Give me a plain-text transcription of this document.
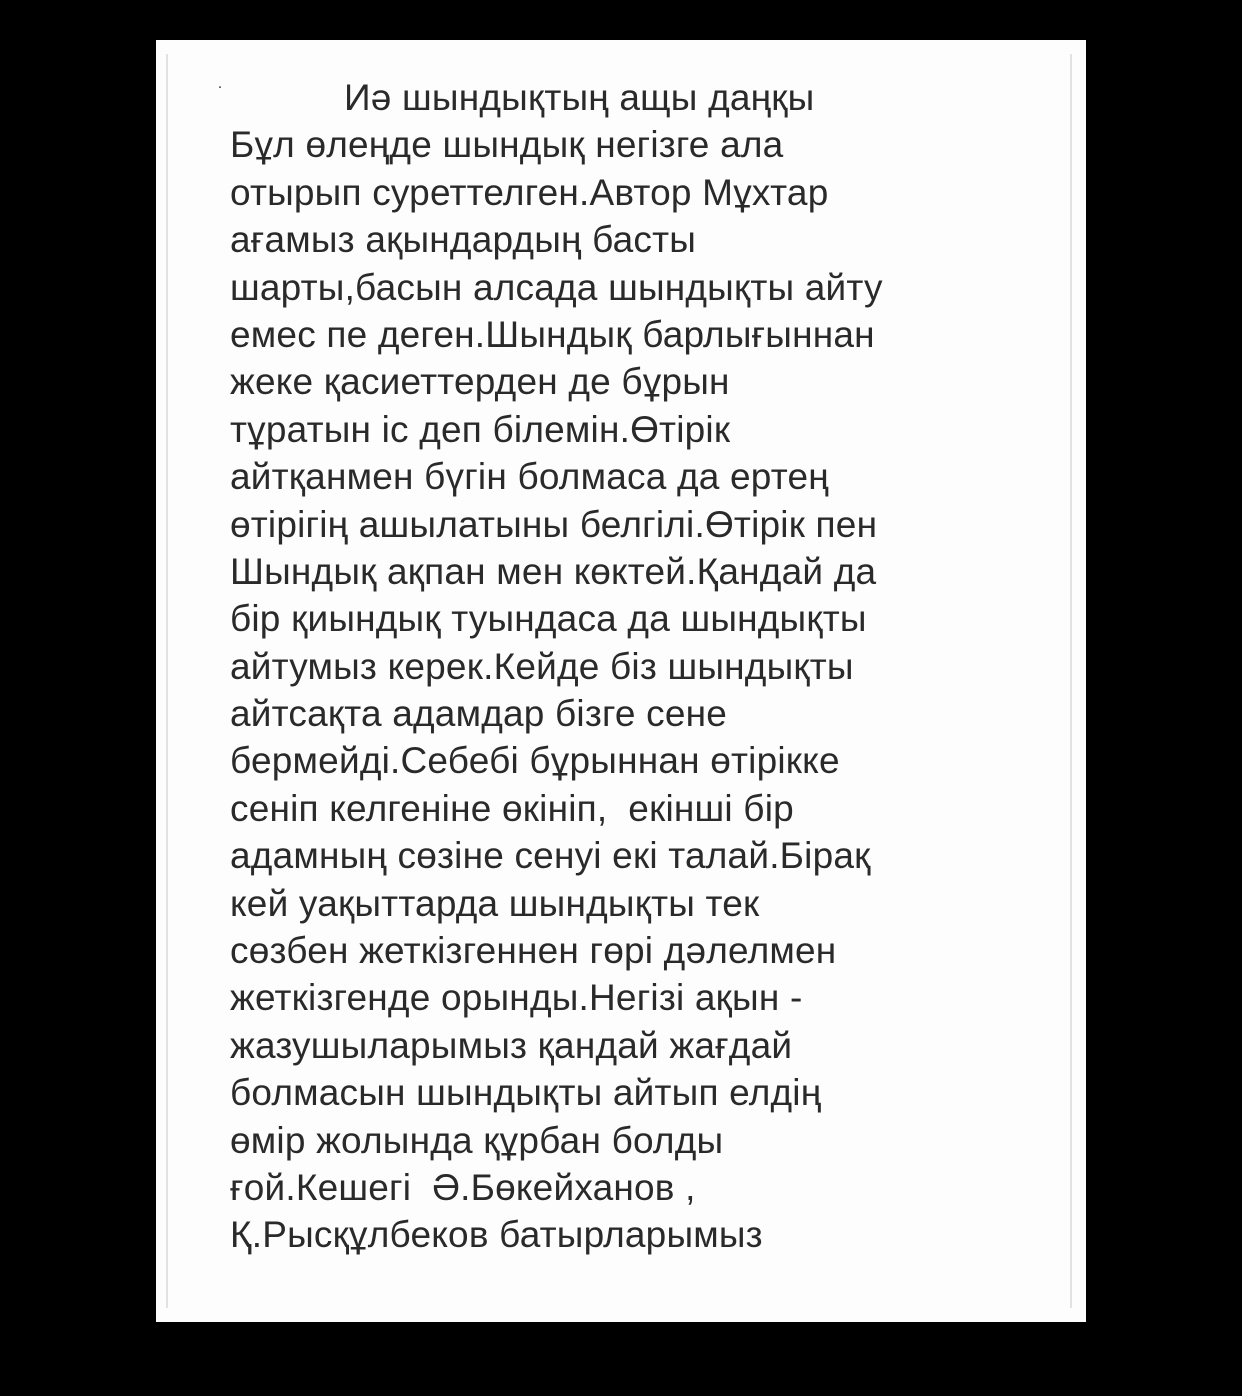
Иә шындықтың ащы даңқы
Бұл өлеңде шындық негізге ала
отырып суреттелген.Автор Мұхтар
ағамыз ақындардың басты
шарты,басын алсада шындықты айту
емес пе деген.Шындық барлығыннан
жеке қасиеттерден де бұрын
тұратын іс деп білемін.Өтірік
айтқанмен бүгін болмаса да ертең
өтірігің ашылатыны белгілі.Өтірік пен
Шындық ақпан мен көктей.Қандай да
бір қиындық туындаса да шындықты
айтумыз керек.Кейде біз шындықты
айтсақта адамдар бізге сене
бермейді.Себебі бұрыннан өтірікке
сеніп келгеніне өкініп,  екінші бір
адамның сөзіне сенуі екі талай.Бірақ
кей уақыттарда шындықты тек
сөзбен жеткізгеннен гөрі дәлелмен
жеткізгенде орынды.Негізі ақын -
жазушыларымыз қандай жағдай
болмасын шындықты айтып елдің
өмір жолында құрбан болды
ғой.Кешегі  Ә.Бөкейханов ,
Қ.Рысқұлбеков батырларымыз
